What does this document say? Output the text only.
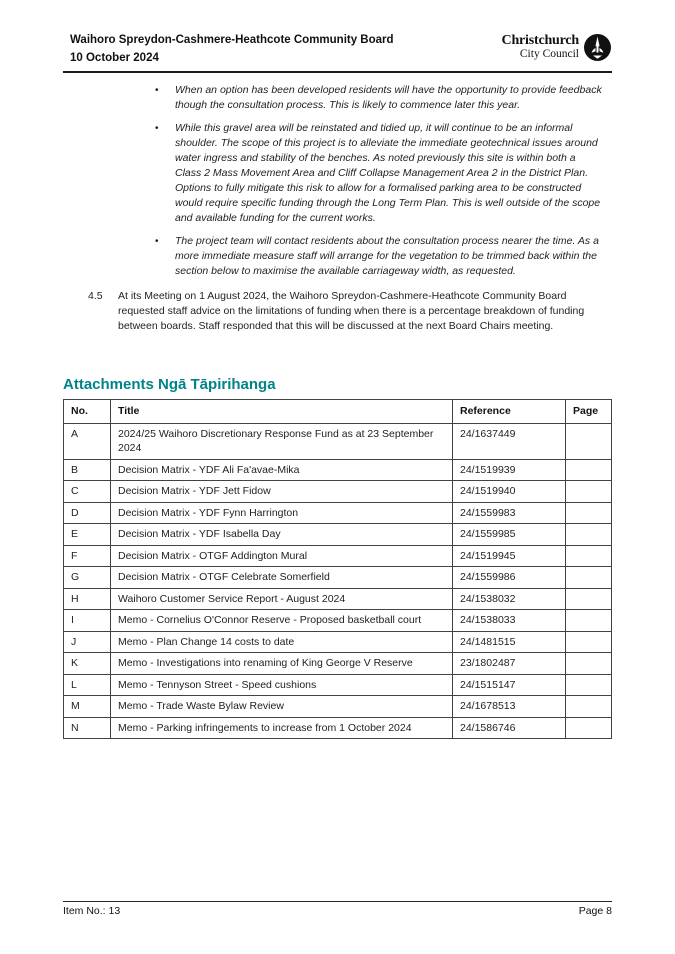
Waihoro Spreydon-Cashmere-Heathcote Community Board
10 October 2024
Christchurch
City Council
•	When an option has been developed residents will have the opportunity to provide feedback though the consultation process. This is likely to commence later this year.
•	While this gravel area will be reinstated and tidied up, it will continue to be an informal shoulder. The scope of this project is to alleviate the immediate geotechnical issues around water ingress and stability of the benches. As noted previously this site is within both a Class 2 Mass Movement Area and Cliff Collapse Management Area 2 in the District Plan. Options to fully mitigate this risk to allow for a formalised parking area to be constructed would require specific funding through the Long Term Plan. This is well outside of the scope and available funding for the current works.
•	The project team will contact residents about the consultation process nearer the time. As a more immediate measure staff will arrange for the vegetation to be trimmed back within the section below to maximise the available carriageway width, as requested.
4.5	At its Meeting on 1 August 2024, the Waihoro Spreydon-Cashmere-Heathcote Community Board requested staff advice on the limitations of funding when there is a percentage breakdown of funding between boards. Staff responded that this will be discussed at the next Board Chairs meeting.
Attachments Ngā Tāpirihanga
No.	Title	Reference	Page
A	2024/25 Waihoro Discretionary Response Fund as at 23 September 2024	24/1637449	
B	Decision Matrix - YDF Ali Fa'avae-Mika	24/1519939	
C	Decision Matrix - YDF Jett Fidow	24/1519940	
D	Decision Matrix - YDF Fynn Harrington	24/1559983	
E	Decision Matrix - YDF Isabella Day	24/1559985	
F	Decision Matrix - OTGF Addington Mural	24/1519945	
G	Decision Matrix - OTGF Celebrate Somerfield	24/1559986	
H	Waihoro Customer Service Report - August 2024	24/1538032	
I	Memo - Cornelius O'Connor Reserve - Proposed basketball court	24/1538033	
J	Memo - Plan Change 14 costs to date	24/1481515	
K	Memo - Investigations into renaming of King George V Reserve	23/1802487	
L	Memo - Tennyson Street - Speed cushions	24/1515147	
M	Memo - Trade Waste Bylaw Review	24/1678513	
N	Memo - Parking infringements to increase from 1 October 2024	24/1586746	
Item No.: 13	Page 8
